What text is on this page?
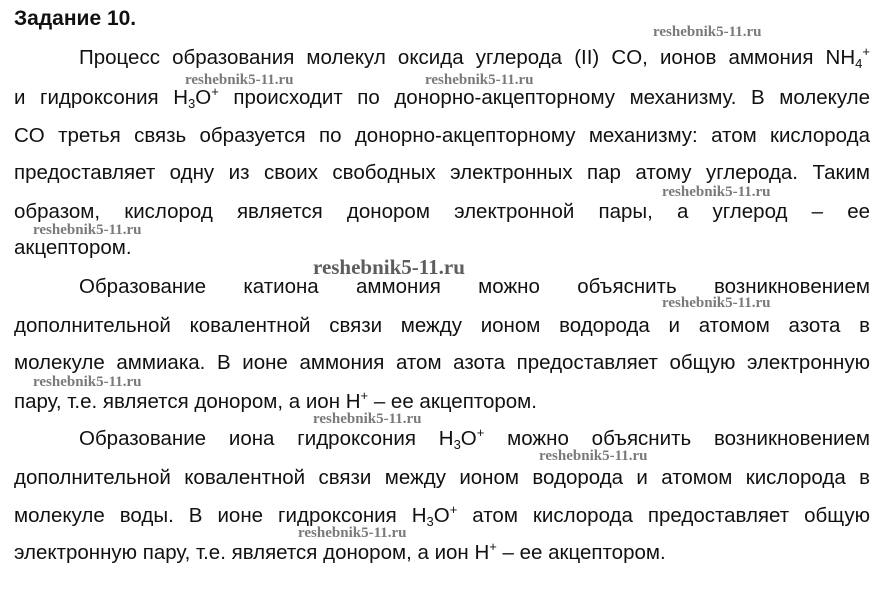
Задание 10.
Процесс образования молекул оксида углерода (II) CO, ионов аммония $NH_4^+$
и гидроксония $H_3O^+$ происходит по донорно-акцепторному механизму. В молекуле
CO третья связь образуется по донорно-акцепторному механизму: атом кислорода
предоставляет одну из своих свободных электронных пар атому углерода. Таким
образом, кислород является донором электронной пары, а углерод – ее
акцептором.
Образование катиона аммония можно объяснить возникновением
дополнительной ковалентной связи между ионом водорода и атомом азота в
молекуле аммиака. В ионе аммония атом азота предоставляет общую электронную
пару, т.е. является донором, а ион H+ – ее акцептором.
Образование иона гидроксония $H_3O^+$ можно объяснить возникновением
дополнительной ковалентной связи между ионом водорода и атомом кислорода в
молекуле воды. В ионе гидроксония $H_3O^+$ атом кислорода предоставляет общую
электронную пару, т.е. является донором, а ион H+ – ее акцептором.
reshebnik5-11.ru
reshebnik5-11.ru	reshebnik5-11.ru
reshebnik5-11.ru
reshebnik5-11.ru
reshebnik5-11.ru
reshebnik5-11.ru
reshebnik5-11.ru
reshebnik5-11.ru
reshebnik5-11.ru
reshebnik5-11.ru
